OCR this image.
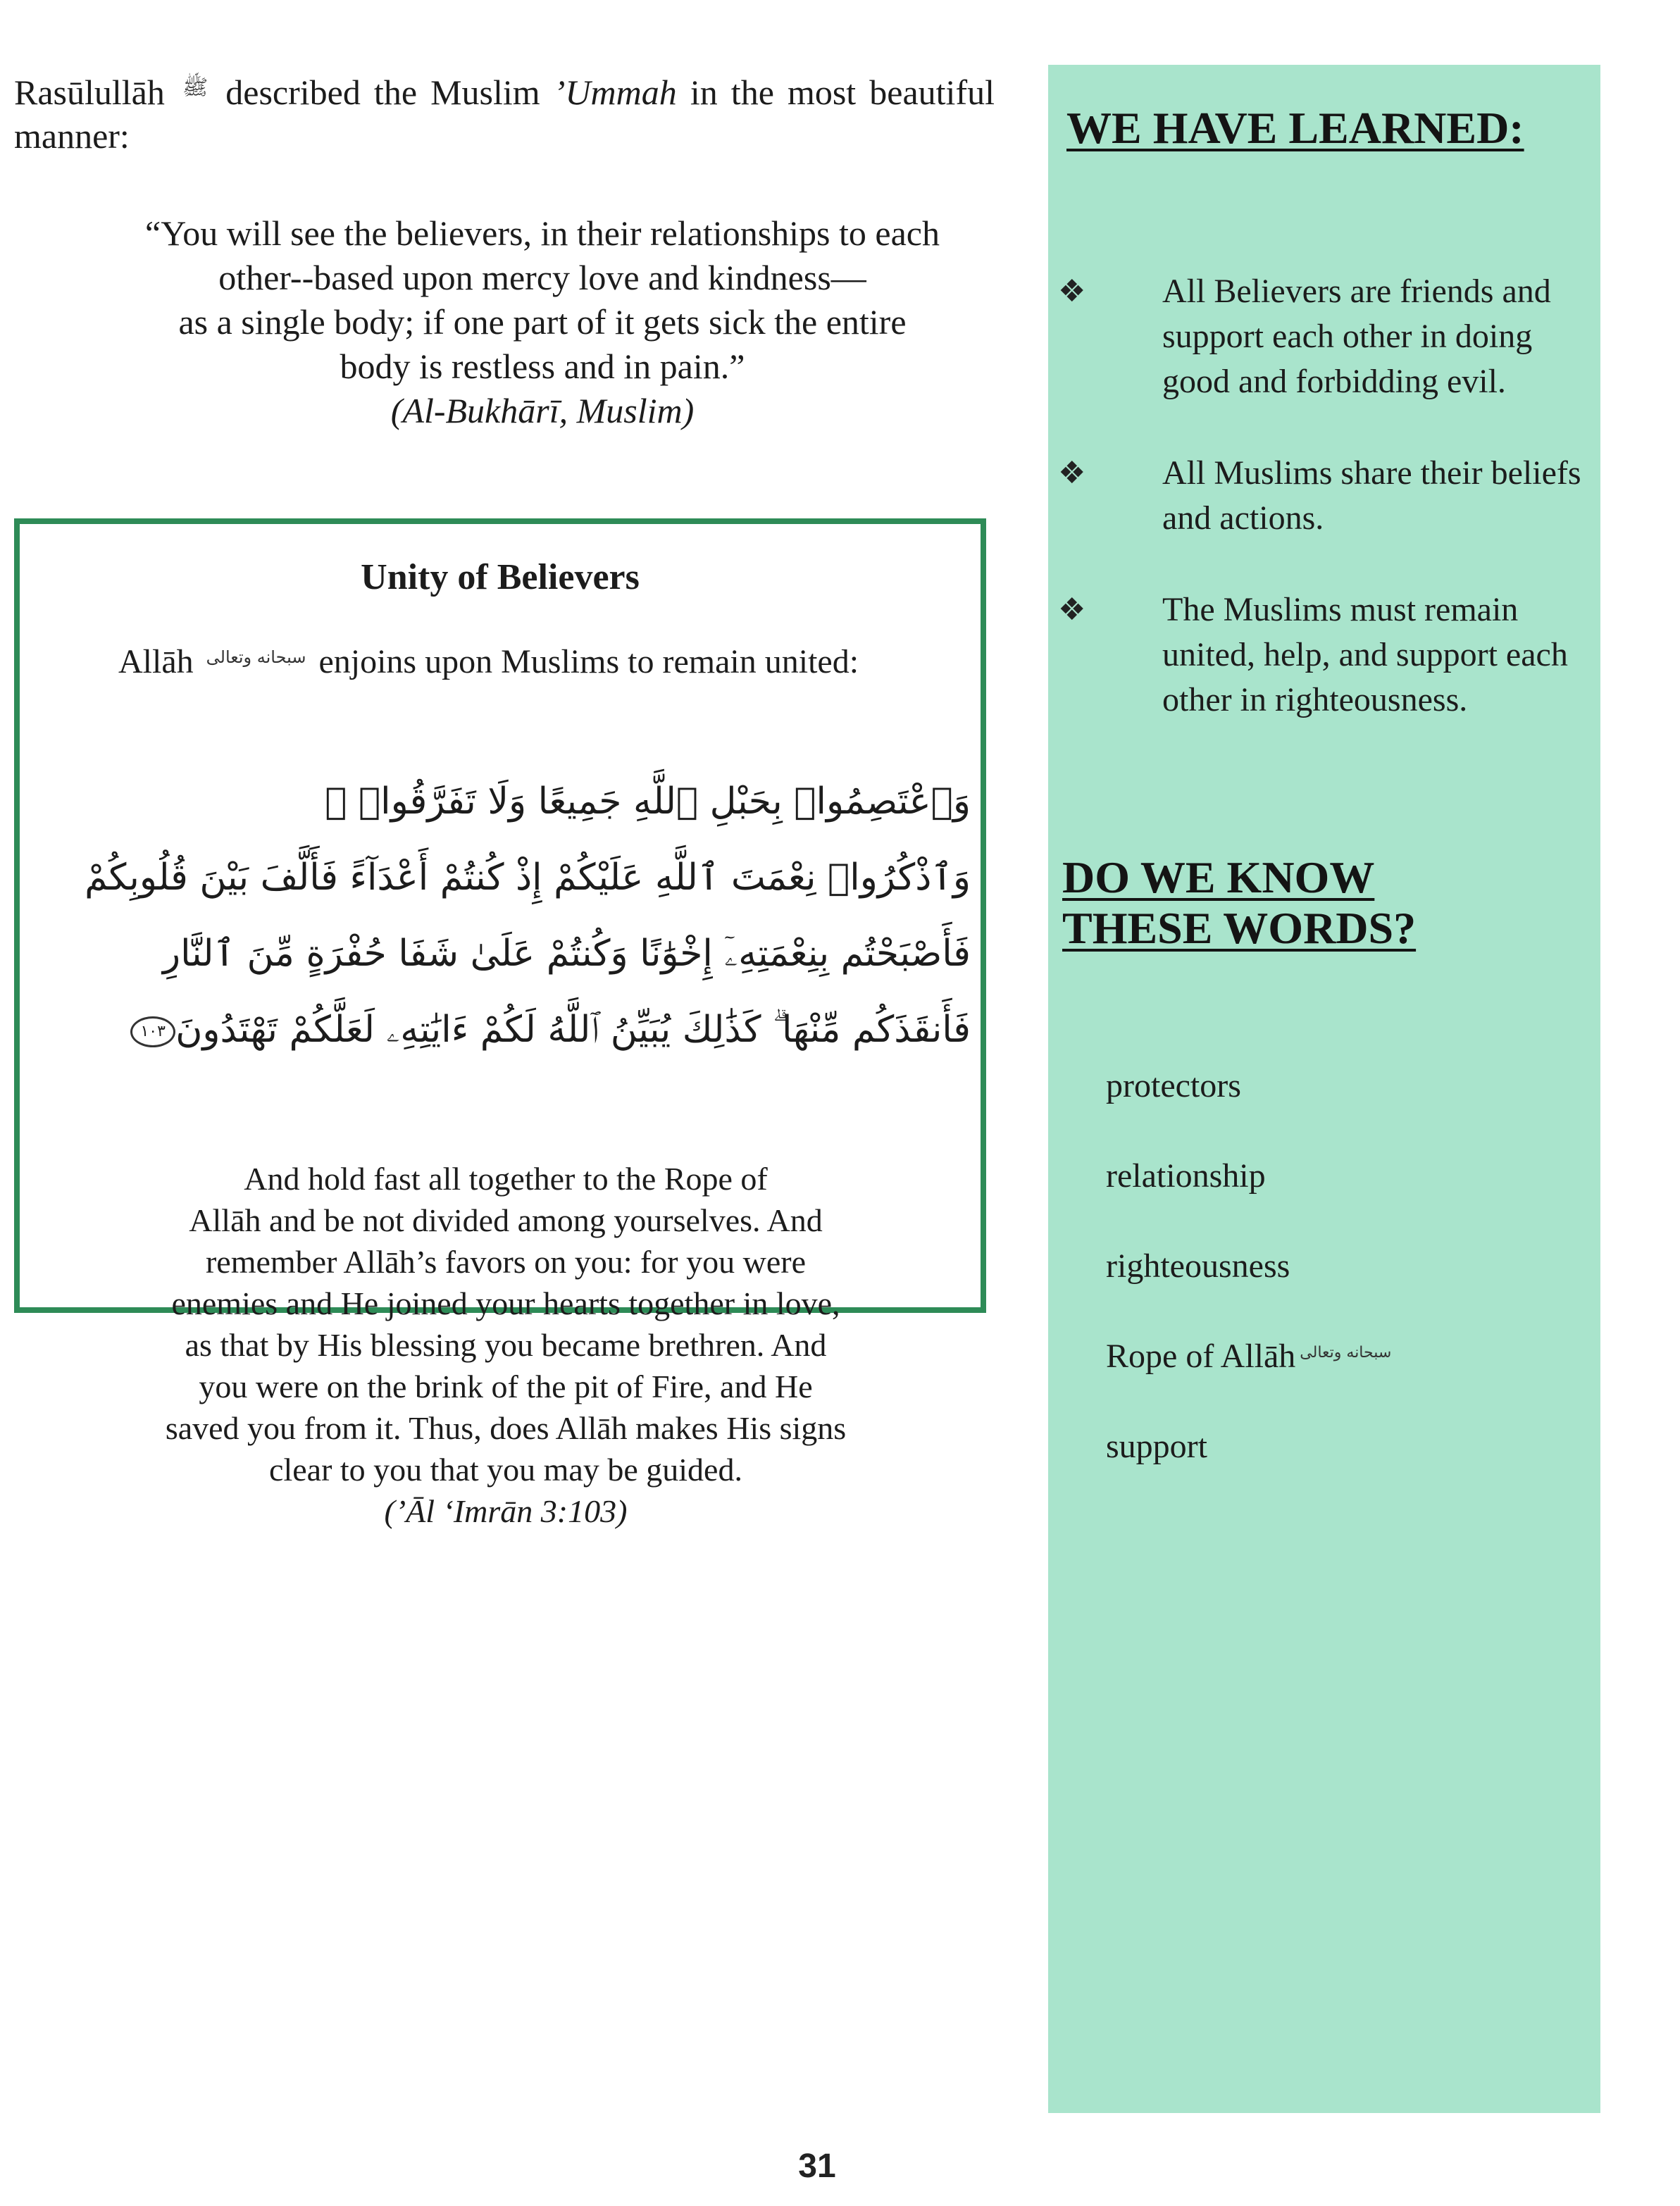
Rasūlullāh ﷺ described the Muslim ’Ummah in the most beautiful manner:
“You will see the believers, in their relationships to each
other--based upon mercy love and kindness—
as a single body; if one part of it gets sick the entire
body is restless and in pain.”
(Al-Bukhārī, Muslim)
Unity of Believers
Allāh سبحانه وتعالى enjoins upon Muslims to remain united:
وَٱعْتَصِمُوا۟ بِحَبْلِ ٱللَّهِ جَمِيعًا وَلَا تَفَرَّقُوا۟ ۚ
وَٱذْكُرُوا۟ نِعْمَتَ ٱللَّهِ عَلَيْكُمْ إِذْ كُنتُمْ أَعْدَآءً فَأَلَّفَ بَيْنَ قُلُوبِكُمْ
فَأَصْبَحْتُم بِنِعْمَتِهِۦٓ إِخْوَٰنًا وَكُنتُمْ عَلَىٰ شَفَا حُفْرَةٍ مِّنَ ٱلنَّارِ
فَأَنقَذَكُم مِّنْهَا ۗ كَذَٰلِكَ يُبَيِّنُ ٱللَّهُ لَكُمْ ءَايَٰتِهِۦ لَعَلَّكُمْ تَهْتَدُونَ١٠٣
And hold fast all together to the Rope of
Allāh and be not divided among yourselves. And
remember Allāh’s favors on you: for you were
enemies and He joined your hearts together in love,
as that by His blessing you became brethren. And
you were on the brink of the pit of Fire, and He
saved you from it. Thus, does Allāh makes His signs
clear to you that you may be guided.
(’Āl ‘Imrān 3:103)
WE HAVE LEARNED:
❖ All Believers are friends and support each other in doing good and forbidding evil.
❖ All Muslims share their beliefs and actions.
❖ The Muslims must remain united, help, and support each other in righteousness.
DO WE KNOW
THESE WORDS?
protectors
relationship
righteousness
Rope of Allāh سبحانه وتعالى
support
31
